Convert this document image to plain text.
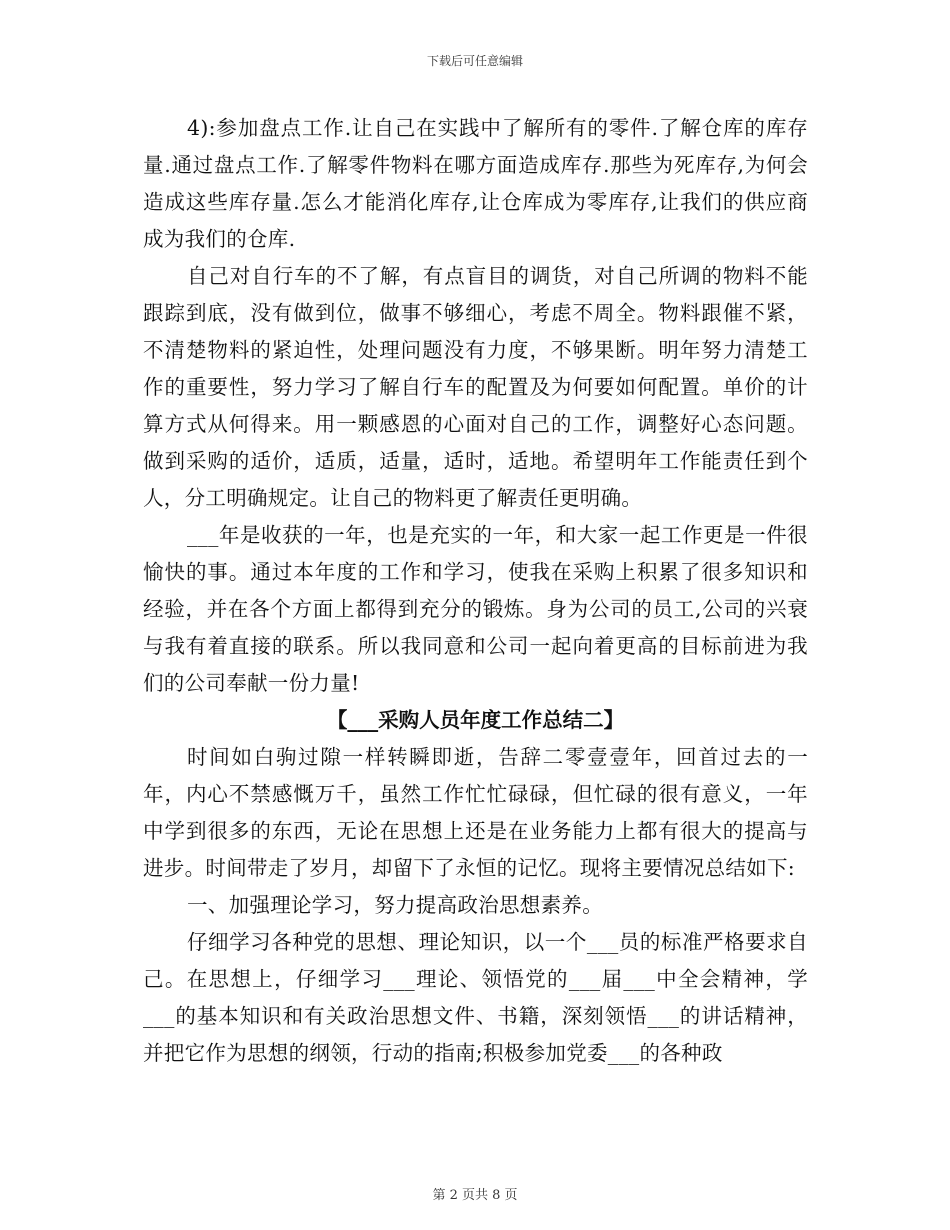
下载后可任意编辑

4):参加盘点工作.让自己在实践中了解所有的零件.了解仓库的库存量.通过盘点工作.了解零件物料在哪方面造成库存.那些为死库存,为何会造成这些库存量.怎么才能消化库存,让仓库成为零库存,让我们的供应商成为我们的仓库.

自己对自行车的不了解，有点盲目的调货，对自己所调的物料不能跟踪到底，没有做到位，做事不够细心，考虑不周全。物料跟催不紧，不清楚物料的紧迫性，处理问题没有力度，不够果断。明年努力清楚工作的重要性，努力学习了解自行车的配置及为何要如何配置。单价的计算方式从何得来。用一颗感恩的心面对自己的工作，调整好心态问题。做到采购的适价，适质，适量，适时，适地。希望明年工作能责任到个人，分工明确规定。让自己的物料更了解责任更明确。

___年是收获的一年，也是充实的一年，和大家一起工作更是一件很愉快的事。通过本年度的工作和学习，使我在采购上积累了很多知识和经验，并在各个方面上都得到充分的锻炼。身为公司的员工,公司的兴衰与我有着直接的联系。所以我同意和公司一起向着更高的目标前进为我们的公司奉献一份力量!

【___采购人员年度工作总结二】

时间如白驹过隙一样转瞬即逝，告辞二零壹壹年，回首过去的一年，内心不禁感慨万千，虽然工作忙忙碌碌，但忙碌的很有意义，一年中学到很多的东西，无论在思想上还是在业务能力上都有很大的提高与进步。时间带走了岁月，却留下了永恒的记忆。现将主要情况总结如下:

一、加强理论学习，努力提高政治思想素养。

仔细学习各种党的思想、理论知识，以一个___员的标准严格要求自己。在思想上，仔细学习___理论、领悟党的___届___中全会精神，学___的基本知识和有关政治思想文件、书籍，深刻领悟___的讲话精神，并把它作为思想的纲领，行动的指南;积极参加党委___的各种政

第 2 页共 8 页
